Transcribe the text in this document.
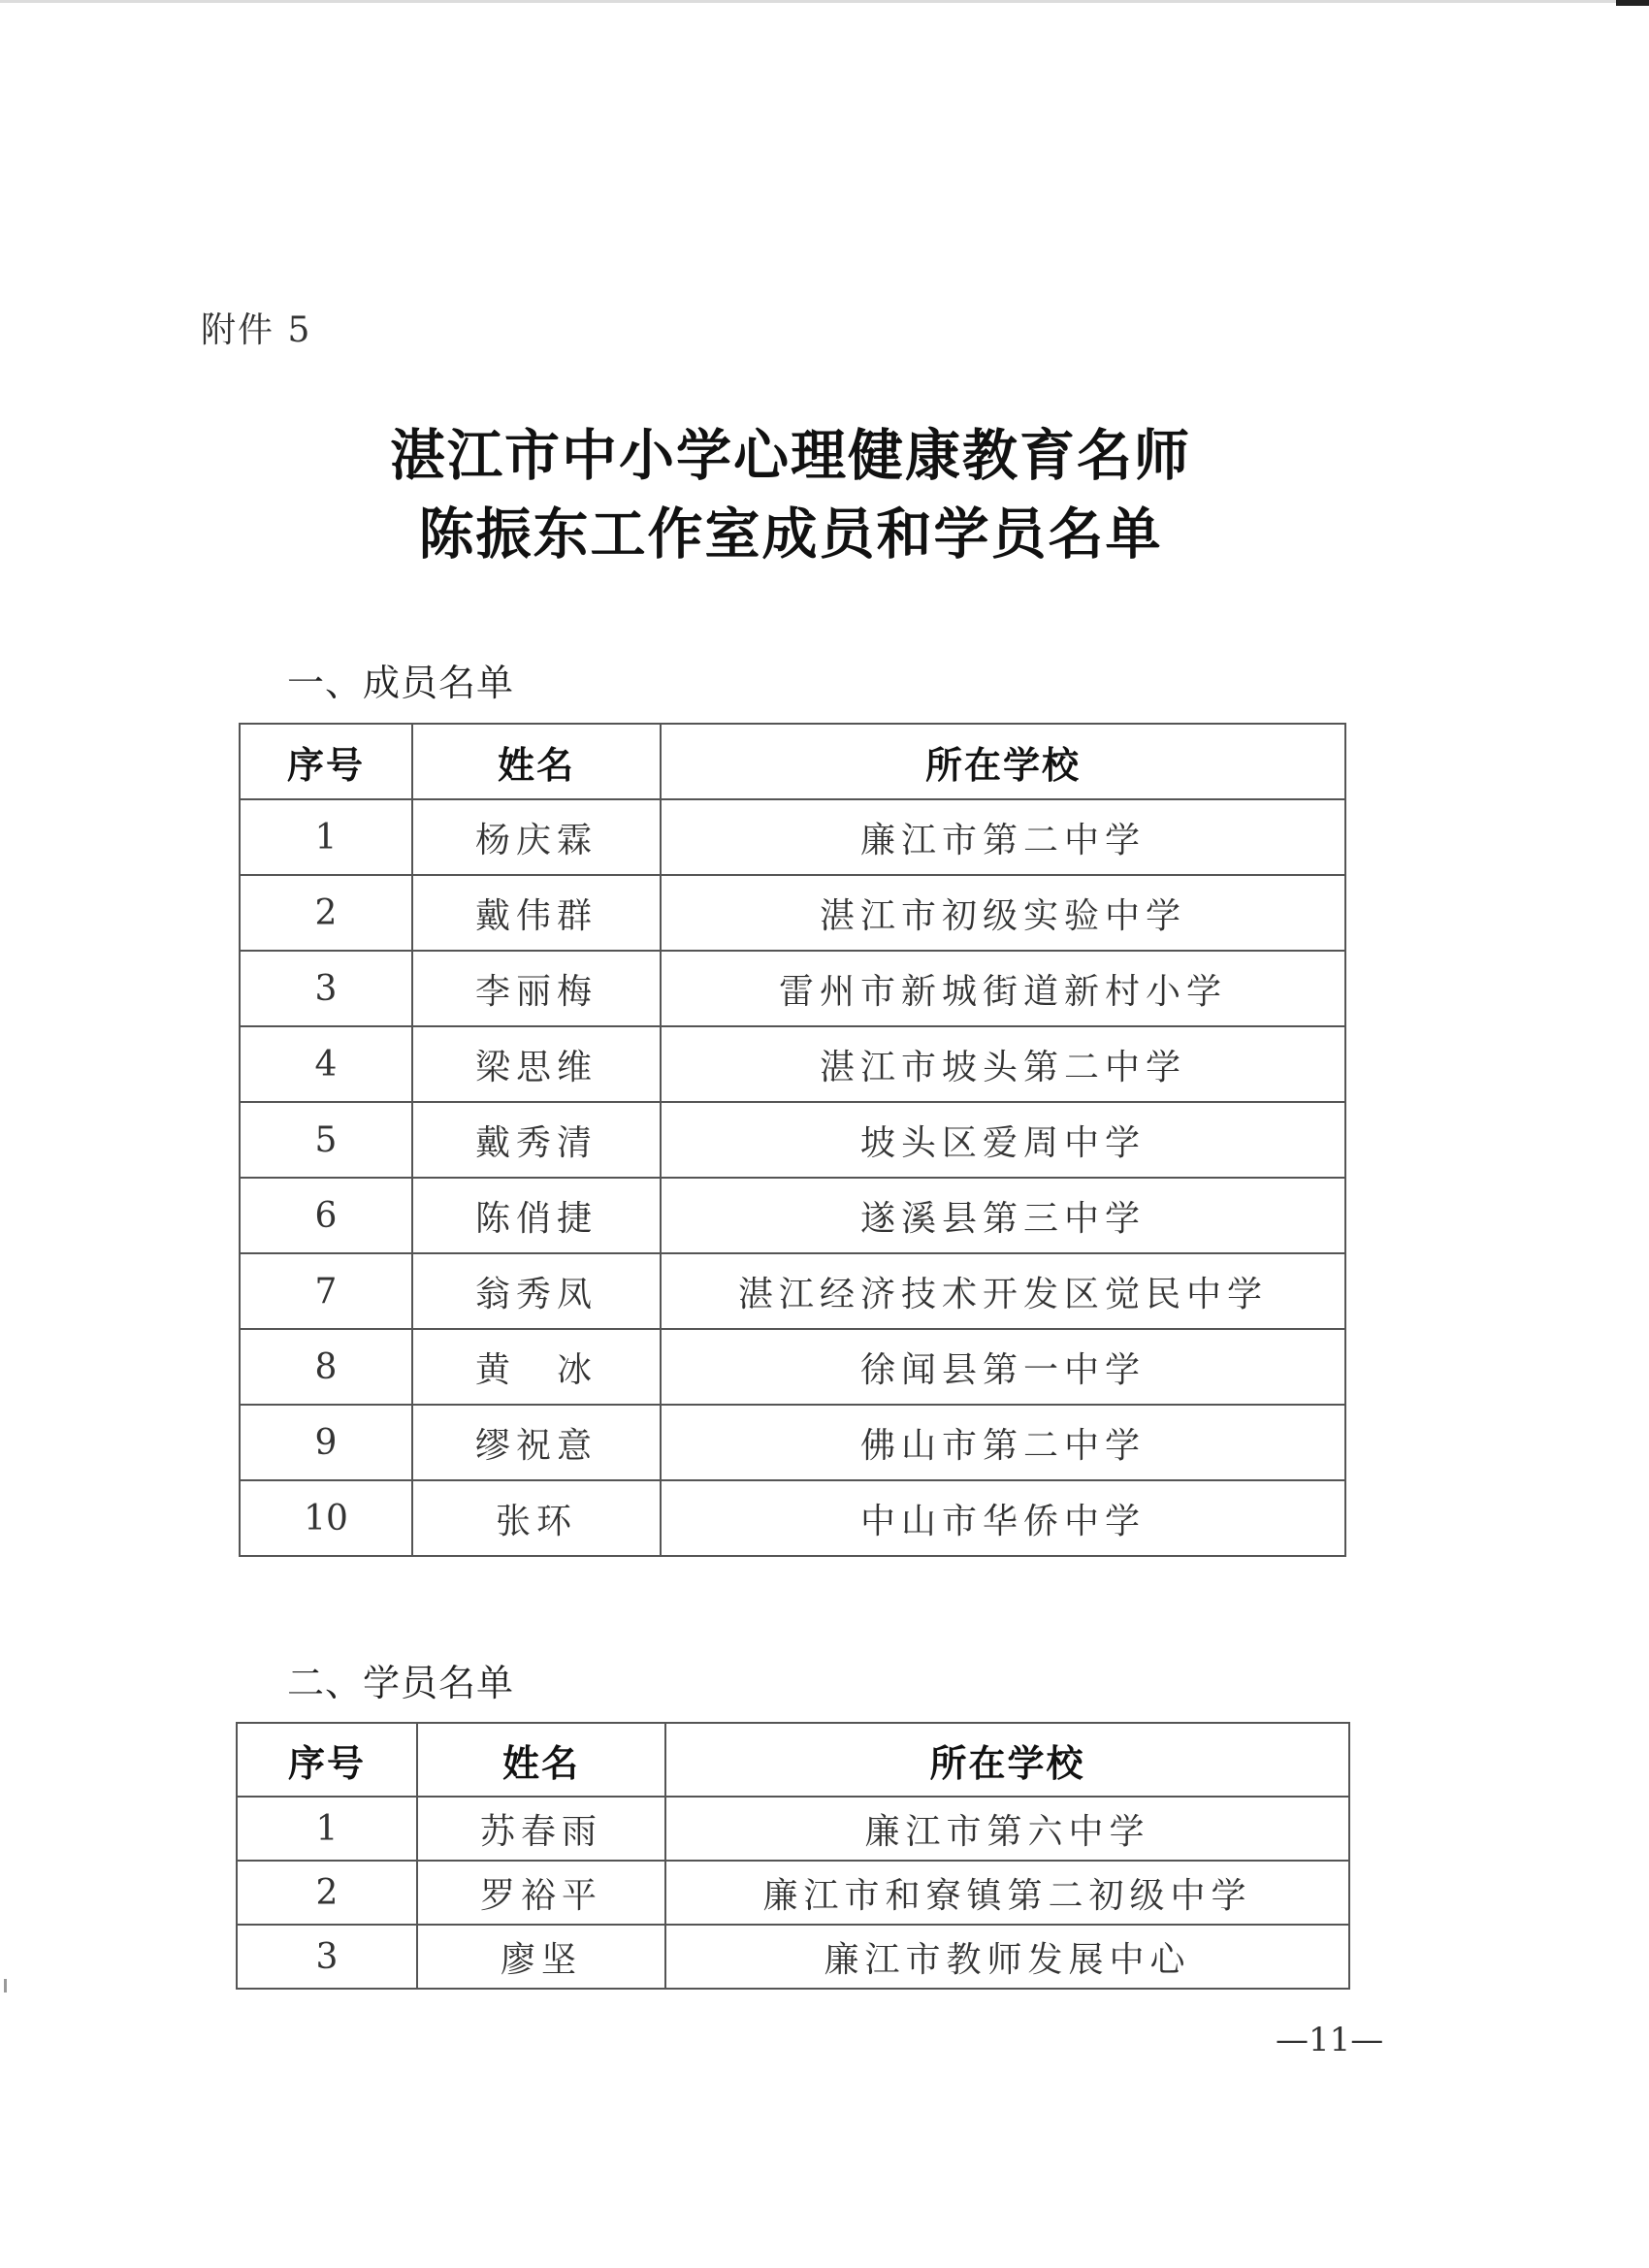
附件 5
湛江市中小学心理健康教育名师
陈振东工作室成员和学员名单
一、成员名单
序号	姓名	所在学校
1	杨庆霖	廉江市第二中学
2	戴伟群	湛江市初级实验中学
3	李丽梅	雷州市新城街道新村小学
4	梁思维	湛江市坡头第二中学
5	戴秀清	坡头区爱周中学
6	陈俏捷	遂溪县第三中学
7	翁秀凤	湛江经济技术开发区觉民中学
8	黄　冰	徐闻县第一中学
9	缪祝意	佛山市第二中学
10	张环	中山市华侨中学
二、学员名单
序号	姓名	所在学校
1	苏春雨	廉江市第六中学
2	罗裕平	廉江市和寮镇第二初级中学
3	廖坚	廉江市教师发展中心
—11—
